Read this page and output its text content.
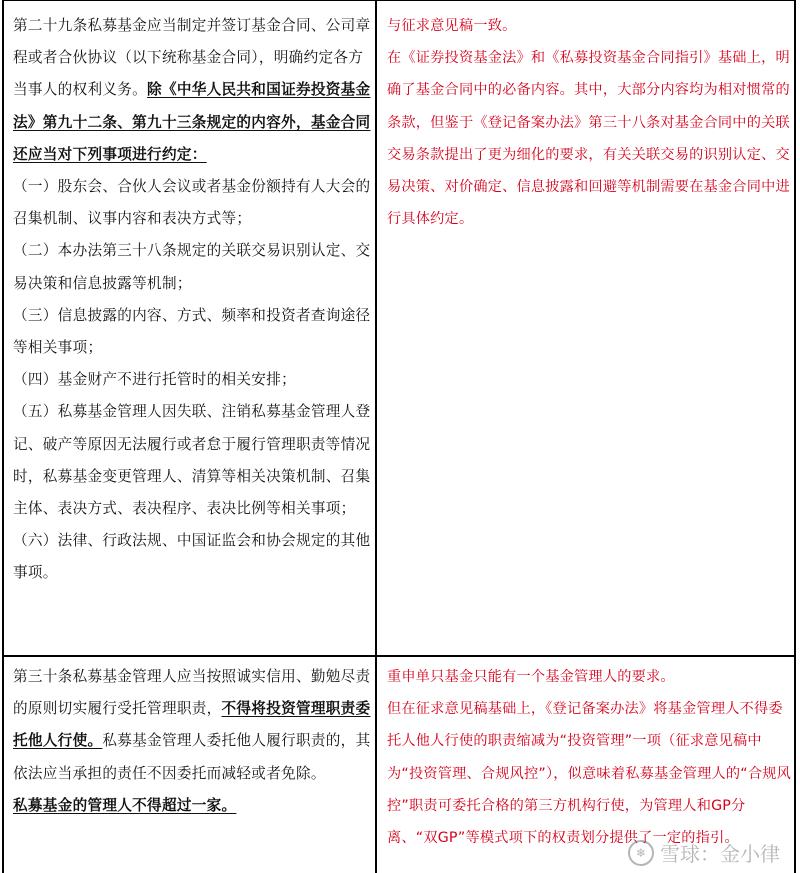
第二十九条私募基金应当制定并签订基金合同、公司章程或者合伙协议（以下统称基金合同），明确约定各方当事人的权利义务。除《中华人民共和国证券投资基金法》第九十二条、第九十三条规定的内容外，基金合同还应当对下列事项进行约定：

（一）股东会、合伙人会议或者基金份额持有人大会的召集机制、议事内容和表决方式等；

（二）本办法第三十八条规定的关联交易识别认定、交易决策和信息披露等机制；

（三）信息披露的内容、方式、频率和投资者查询途径等相关事项；

（四）基金财产不进行托管时的相关安排；

（五）私募基金管理人因失联、注销私募基金管理人登记、破产等原因无法履行或者怠于履行管理职责等情况时，私募基金变更管理人、清算等相关决策机制、召集主体、表决方式、表决程序、表决比例等相关事项；

（六）法律、行政法规、中国证监会和协会规定的其他事项。

与征求意见稿一致。

在《证券投资基金法》和《私募投资基金合同指引》基础上，明确了基金合同中的必备内容。其中，大部分内容均为相对惯常的条款，但鉴于《登记备案办法》第三十八条对基金合同中的关联交易条款提出了更为细化的要求，有关关联交易的识别认定、交易决策、对价确定、信息披露和回避等机制需要在基金合同中进行具体约定。

第三十条私募基金管理人应当按照诚实信用、勤勉尽责的原则切实履行受托管理职责，不得将投资管理职责委托他人行使。私募基金管理人委托他人履行职责的，其依法应当承担的责任不因委托而减轻或者免除。

私募基金的管理人不得超过一家。

重申单只基金只能有一个基金管理人的要求。

但在征求意见稿基础上，《登记备案办法》将基金管理人不得委托人他人行使的职责缩减为“投资管理”一项（征求意见稿中为“投资管理、合规风控”），似意味着私募基金管理人的“合规风控”职责可委托合格的第三方机构行使，为管理人和GP分离、“双GP”等模式项下的权责划分提供了一定的指引。

❄ 雪球：金小律
